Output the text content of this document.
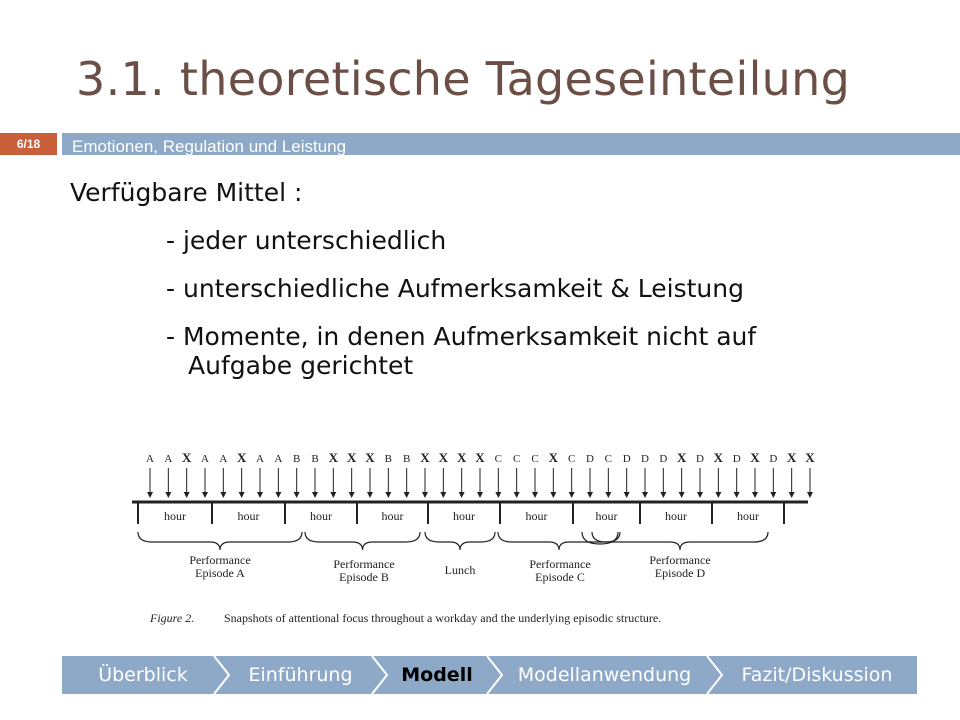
3.1. theoretische Tageseinteilung
6/18	Emotionen, Regulation und Leistung

Verfügbare Mittel :

- jeder unterschiedlich

- unterschiedliche Aufmerksamkeit & Leistung

- Momente, in denen Aufmerksamkeit nicht auf

Aufgabe gerichtet

A A X A A X A A B B X X X B B X X X X C C C X C D C D D D X D X D X D X X
hour	hour	hour	hour	hour	hour	hour	hour	hour
Performance
Episode A
Performance
Episode B	Lunch	Performance
Episode C
Performance
Episode D
Figure 2. Snapshots of attentional focus throughout a workday and the underlying episodic structure.
Überblick	Einführung	Modell	Modellanwendung	Fazit/Diskussion
